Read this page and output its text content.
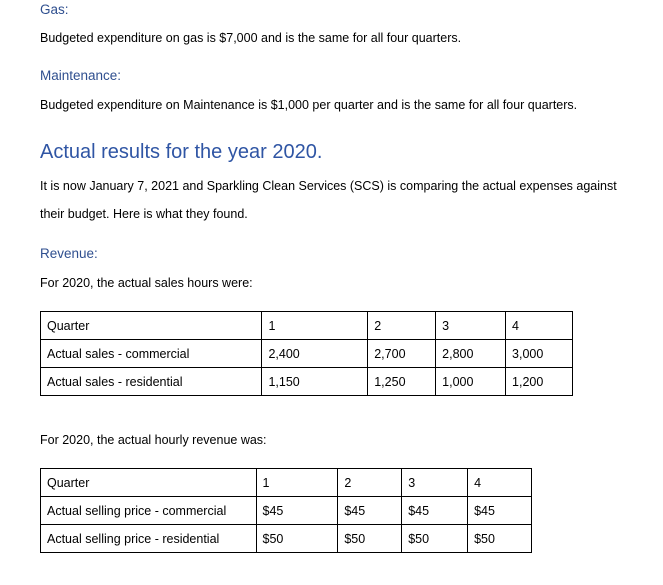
Gas:
Budgeted expenditure on gas is $7,000 and is the same for all four quarters.
Maintenance:
Budgeted expenditure on Maintenance is $1,000 per quarter and is the same for all four quarters.
Actual results for the year 2020.
It is now January 7, 2021 and Sparkling Clean Services (SCS) is comparing the actual expenses against
their budget. Here is what they found.
Revenue:
For 2020, the actual sales hours were:
Quarter	1	2	3	4
Actual sales - commercial	2,400	2,700	2,800	3,000
Actual sales - residential	1,150	1,250	1,000	1,200
For 2020, the actual hourly revenue was:
Quarter	1	2	3	4
Actual selling price - commercial	$45	$45	$45	$45
Actual selling price - residential	$50	$50	$50	$50
